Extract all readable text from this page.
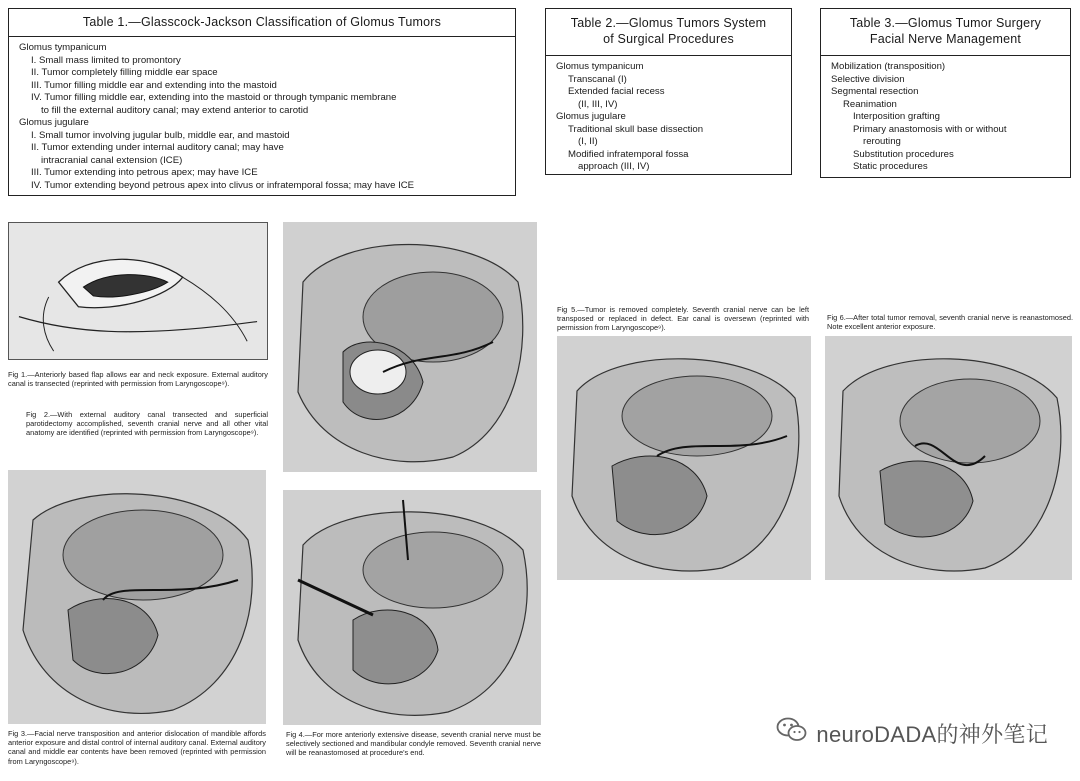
Table 1.—Glasscock-Jackson Classification of Glomus Tumors
Glomus tympanicum
I. Small mass limited to promontory
II. Tumor completely filling middle ear space
III. Tumor filling middle ear and extending into the mastoid
IV. Tumor filling middle ear, extending into the mastoid or through tympanic membrane
to fill the external auditory canal; may extend anterior to carotid
Glomus jugulare
I. Small tumor involving jugular bulb, middle ear, and mastoid
II. Tumor extending under internal auditory canal; may have
intracranial canal extension (ICE)
III. Tumor extending into petrous apex; may have ICE
IV. Tumor extending beyond petrous apex into clivus or infratemporal fossa; may have ICE
Table 2.—Glomus Tumors System
of Surgical Procedures
Glomus tympanicum
Transcanal (I)
Extended facial recess
(II, III, IV)
Glomus jugulare
Traditional skull base dissection
(I, II)
Modified infratemporal fossa
approach (III, IV)
Table 3.—Glomus Tumor Surgery
Facial Nerve Management
Mobilization (transposition)
Selective division
Segmental resection
Reanimation
Interposition grafting
Primary anastomosis with or without
rerouting
Substitution procedures
Static procedures
Fig 1.—Anteriorly based flap allows ear and neck exposure. External auditory canal is transected (reprinted with permission from Laryngoscope⁹).
Fig 2.—With external auditory canal transected and superficial parotidectomy accomplished, seventh cranial nerve and all other vital anatomy are identified (reprinted with permission from Laryngoscope⁹).
Fig 3.—Facial nerve transposition and anterior dislocation of mandible affords anterior exposure and distal control of internal auditory canal. External auditory canal and middle ear contents have been removed (reprinted with permission from Laryngoscope⁹).
Fig 4.—For more anteriorly extensive disease, seventh cranial nerve must be selectively sectioned and mandibular condyle removed. Seventh cranial nerve will be reanastomosed at procedure's end.
Fig 5.—Tumor is removed completely. Seventh cranial nerve can be left transposed or replaced in defect. Ear canal is oversewn (reprinted with permission from Laryngoscope⁹).
Fig 6.—After total tumor removal, seventh cranial nerve is reanastomosed. Note excellent anterior exposure.
neuroDADA的神外笔记
